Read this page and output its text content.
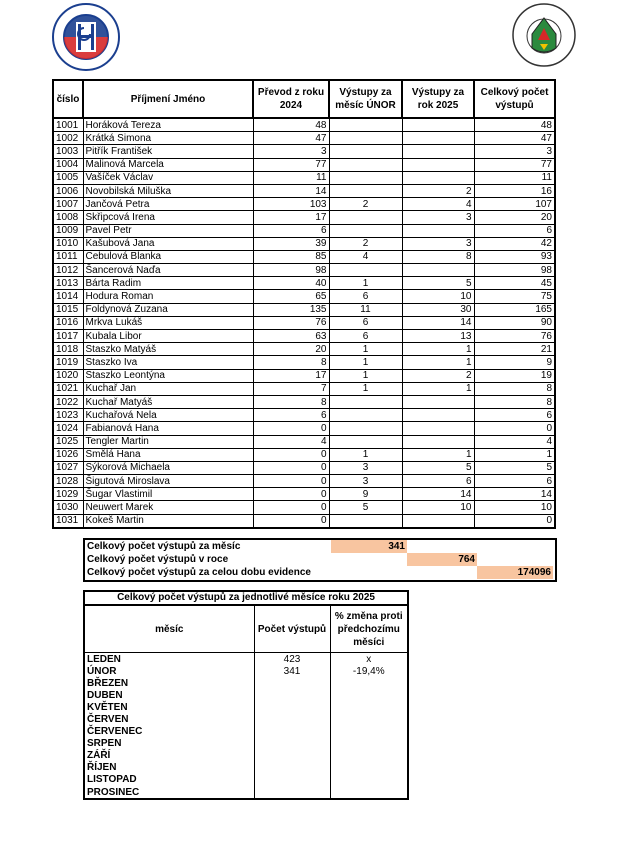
číslo	Příjmení Jméno	Převod z roku 2024	Výstupy za měsíc ÚNOR	Výstupy za rok 2025	Celkový počet výstupů
1001	Horáková Tereza	48			48
1002	Krátká Simona	47			47
1003	Pitřík František	3			3
1004	Malinová Marcela	77			77
1005	Vašíček Václav	11			11
1006	Novobilská Miluška	14		2	16
1007	Jančová Petra	103	2	4	107
1008	Skřipcová Irena	17		3	20
1009	Pavel Petr	6			6
1010	Kašubová Jana	39	2	3	42
1011	Cebulová Blanka	85	4	8	93
1012	Šancerová Naďa	98			98
1013	Bárta Radim	40	1	5	45
1014	Hodura Roman	65	6	10	75
1015	Foldynová Zuzana	135	11	30	165
1016	Mrkva Lukáš	76	6	14	90
1017	Kubala Libor	63	6	13	76
1018	Staszko Matyáš	20	1	1	21
1019	Staszko Iva	8	1	1	9
1020	Staszko Leontýna	17	1	2	19
1021	Kuchař Jan	7	1	1	8
1022	Kuchař Matyáš	8			8
1023	Kuchařová Nela	6			6
1024	Fabianová Hana	0			0
1025	Tengler Martin	4			4
1026	Smělá Hana	0	1	1	1
1027	Sýkorová Michaela	0	3	5	5
1028	Šigutová Miroslava	0	3	6	6
1029	Šugar Vlastimil	0	9	14	14
1030	Neuwert Marek	0	5	10	10
1031	Kokeš Martin	0			0
Celkový počet výstupů za měsíc	341
Celkový počet výstupů v roce	764
Celkový počet výstupů za celou dobu evidence	174096
Celkový počet výstupů za jednotlivé měsíce roku 2025		
měsíc	Počet výstupů	% změna proti předchozímu měsíci
LEDEN	423	x
ÚNOR	341	-19,4%
BŘEZEN		
DUBEN		
KVĚTEN		
ČERVEN		
ČERVENEC		
SRPEN		
ZÁŘÍ		
ŘÍJEN		
LISTOPAD		
PROSINEC		
